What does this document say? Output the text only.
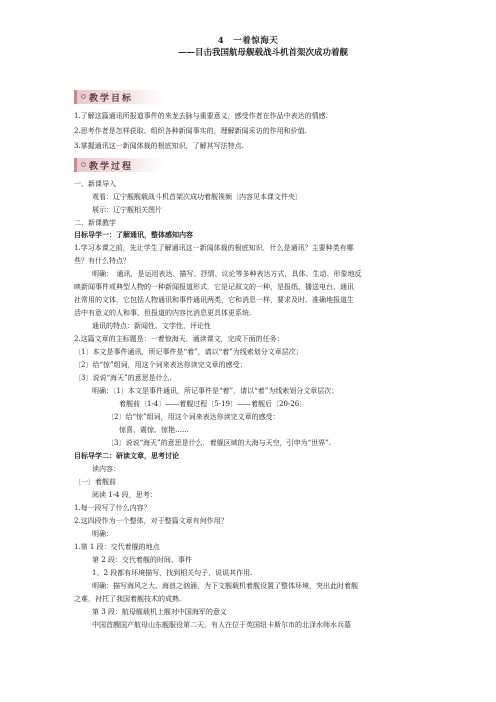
4　一着惊海天
——目击我国航母舰载战斗机首架次成功着舰
教学目标
1.了解这篇通讯所报道事件的来龙去脉与重要意义，感受作者在作品中表达的情感.
2.思考作者是怎样获取、组织各种新闻事实的，理解新闻采访的作用和价值.
3.掌握通讯这一新闻体裁的根底知识，了解其写法特点.
教学过程
一、新课导入
观看：辽宁舰舰载战斗机首架次成功着舰视频〔内容见本课文件夹〕
展示：辽宁舰相关图片
二、新课教学
目标导学一：了解通讯，整体感知内容
1.学习本课之前，先让学生了解通讯这一新闻体裁的根底知识．什么是通讯？主要种类有哪
些？有什么特点？
明确：　通讯，是运用表达、描写、抒情、议论等多种表达方式，具体、生动、形象地反
映新闻事件或典型人物的一种新闻报道形式．它是记叙文的一种，是报纸、播送电台、通讯
社常用的文体．它包括人物通讯和事件通讯两类，它和消息一样，要求及时、准确地报道生
活中有意义的人和事，但报道的内容比消息更具体更系统.
通讯的特点：新闻性、文学性、评论性
2.这篇文章的主标题是：一着惊海天．通读课文，完成下面的任务：
〔1〕本文是事件通讯，所记事件是“着”，请以“着”为线索划分文章层次；
〔2〕给“惊”组词，用这个词来表达你读完文章的感受；
〔3〕说说“海天”的意思是什么.
明确：〔1〕本文是事件通讯，所记事件是“着”，请以“着”为线索划分文章层次；
着舰前〔1-4〕——着舰过程〔5-19〕——着舰后〔20-26〕
〔2〕给“惊”组词，用这个词来表达你读完文章的感受：
惊喜、震惊、惊艳……
〔3〕说说“海天”的意思是什么．着舰区域的大海与天空，引申为“世界”.
目标导学二：研读文章，思考讨论
读内容：
〔一〕着舰前
阅读 1-4 段，思考：
1.每一段写了什么内容？
2.这四段作为一个整体，对于整篇文章有何作用？
明确：
1.第 1 段：交代着舰的地点
第 2 段：交代着舰的时间、事件
1、2 段都有环境描写，找到相关句子，说说其作用.
明确：描写海风之大、海浪之汹涌，为下文舰载机着舰设置了整体环境，突出此时着舰
之难，衬托了我国着舰技术的成熟.
第 3 段：航母舰载机上舰对中国海军的意义
中国首艘国产航母山东舰服役第二天，有人在位于英国纽卡斯尔市的北泽水师水兵墓
